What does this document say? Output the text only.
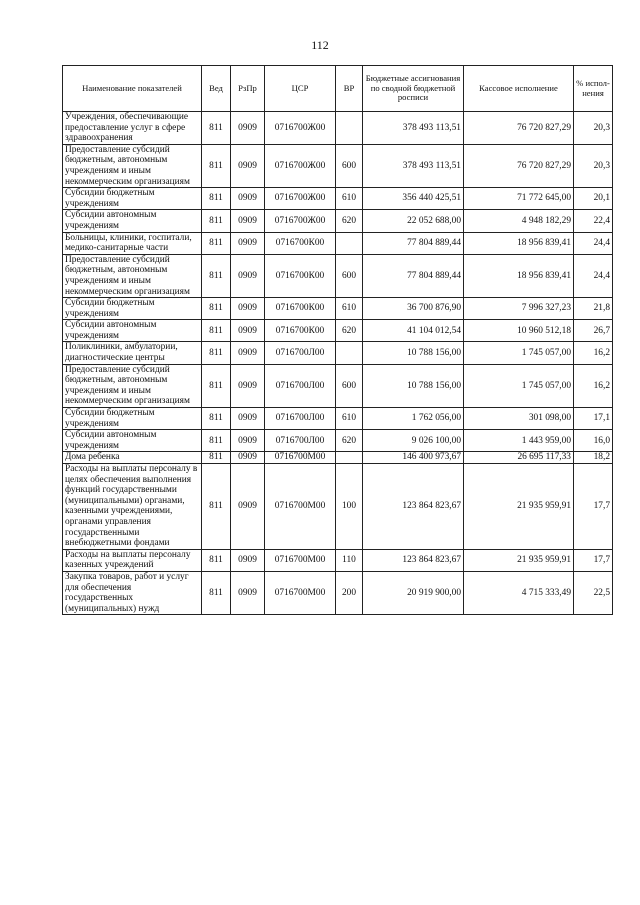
112
Наименование показателей	Вед	РзПр	ЦСР	ВР	Бюджетные ассигнования по сводной бюджетной росписи	Кассовое исполнение	% испол-нения
Учреждения, обеспечивающие предоставление услуг в сфере здравоохранения	811	0909	0716700Ж00		378 493 113,51	76 720 827,29	20,3
Предоставление субсидий бюджетным, автономным учреждениям и иным некоммерческим организациям	811	0909	0716700Ж00	600	378 493 113,51	76 720 827,29	20,3
Субсидии бюджетным учреждениям	811	0909	0716700Ж00	610	356 440 425,51	71 772 645,00	20,1
Субсидии автономным учреждениям	811	0909	0716700Ж00	620	22 052 688,00	4 948 182,29	22,4
Больницы, клиники, госпитали, медико-санитарные части	811	0909	0716700К00		77 804 889,44	18 956 839,41	24,4
Предоставление субсидий бюджетным, автономным учреждениям и иным некоммерческим организациям	811	0909	0716700К00	600	77 804 889,44	18 956 839,41	24,4
Субсидии бюджетным учреждениям	811	0909	0716700К00	610	36 700 876,90	7 996 327,23	21,8
Субсидии автономным учреждениям	811	0909	0716700К00	620	41 104 012,54	10 960 512,18	26,7
Поликлиники, амбулатории, диагностические центры	811	0909	0716700Л00		10 788 156,00	1 745 057,00	16,2
Предоставление субсидий бюджетным, автономным учреждениям и иным некоммерческим организациям	811	0909	0716700Л00	600	10 788 156,00	1 745 057,00	16,2
Субсидии бюджетным учреждениям	811	0909	0716700Л00	610	1 762 056,00	301 098,00	17,1
Субсидии автономным учреждениям	811	0909	0716700Л00	620	9 026 100,00	1 443 959,00	16,0
Дома ребенка	811	0909	0716700М00		146 400 973,67	26 695 117,33	18,2
Расходы на выплаты персоналу в целях обеспечения выполнения функций государственными (муниципальными) органами, казенными учреждениями, органами управления государственными внебюджетными фондами	811	0909	0716700М00	100	123 864 823,67	21 935 959,91	17,7
Расходы на выплаты персоналу казенных учреждений	811	0909	0716700М00	110	123 864 823,67	21 935 959,91	17,7
Закупка товаров, работ и услуг для обеспечения государственных (муниципальных) нужд	811	0909	0716700М00	200	20 919 900,00	4 715 333,49	22,5
